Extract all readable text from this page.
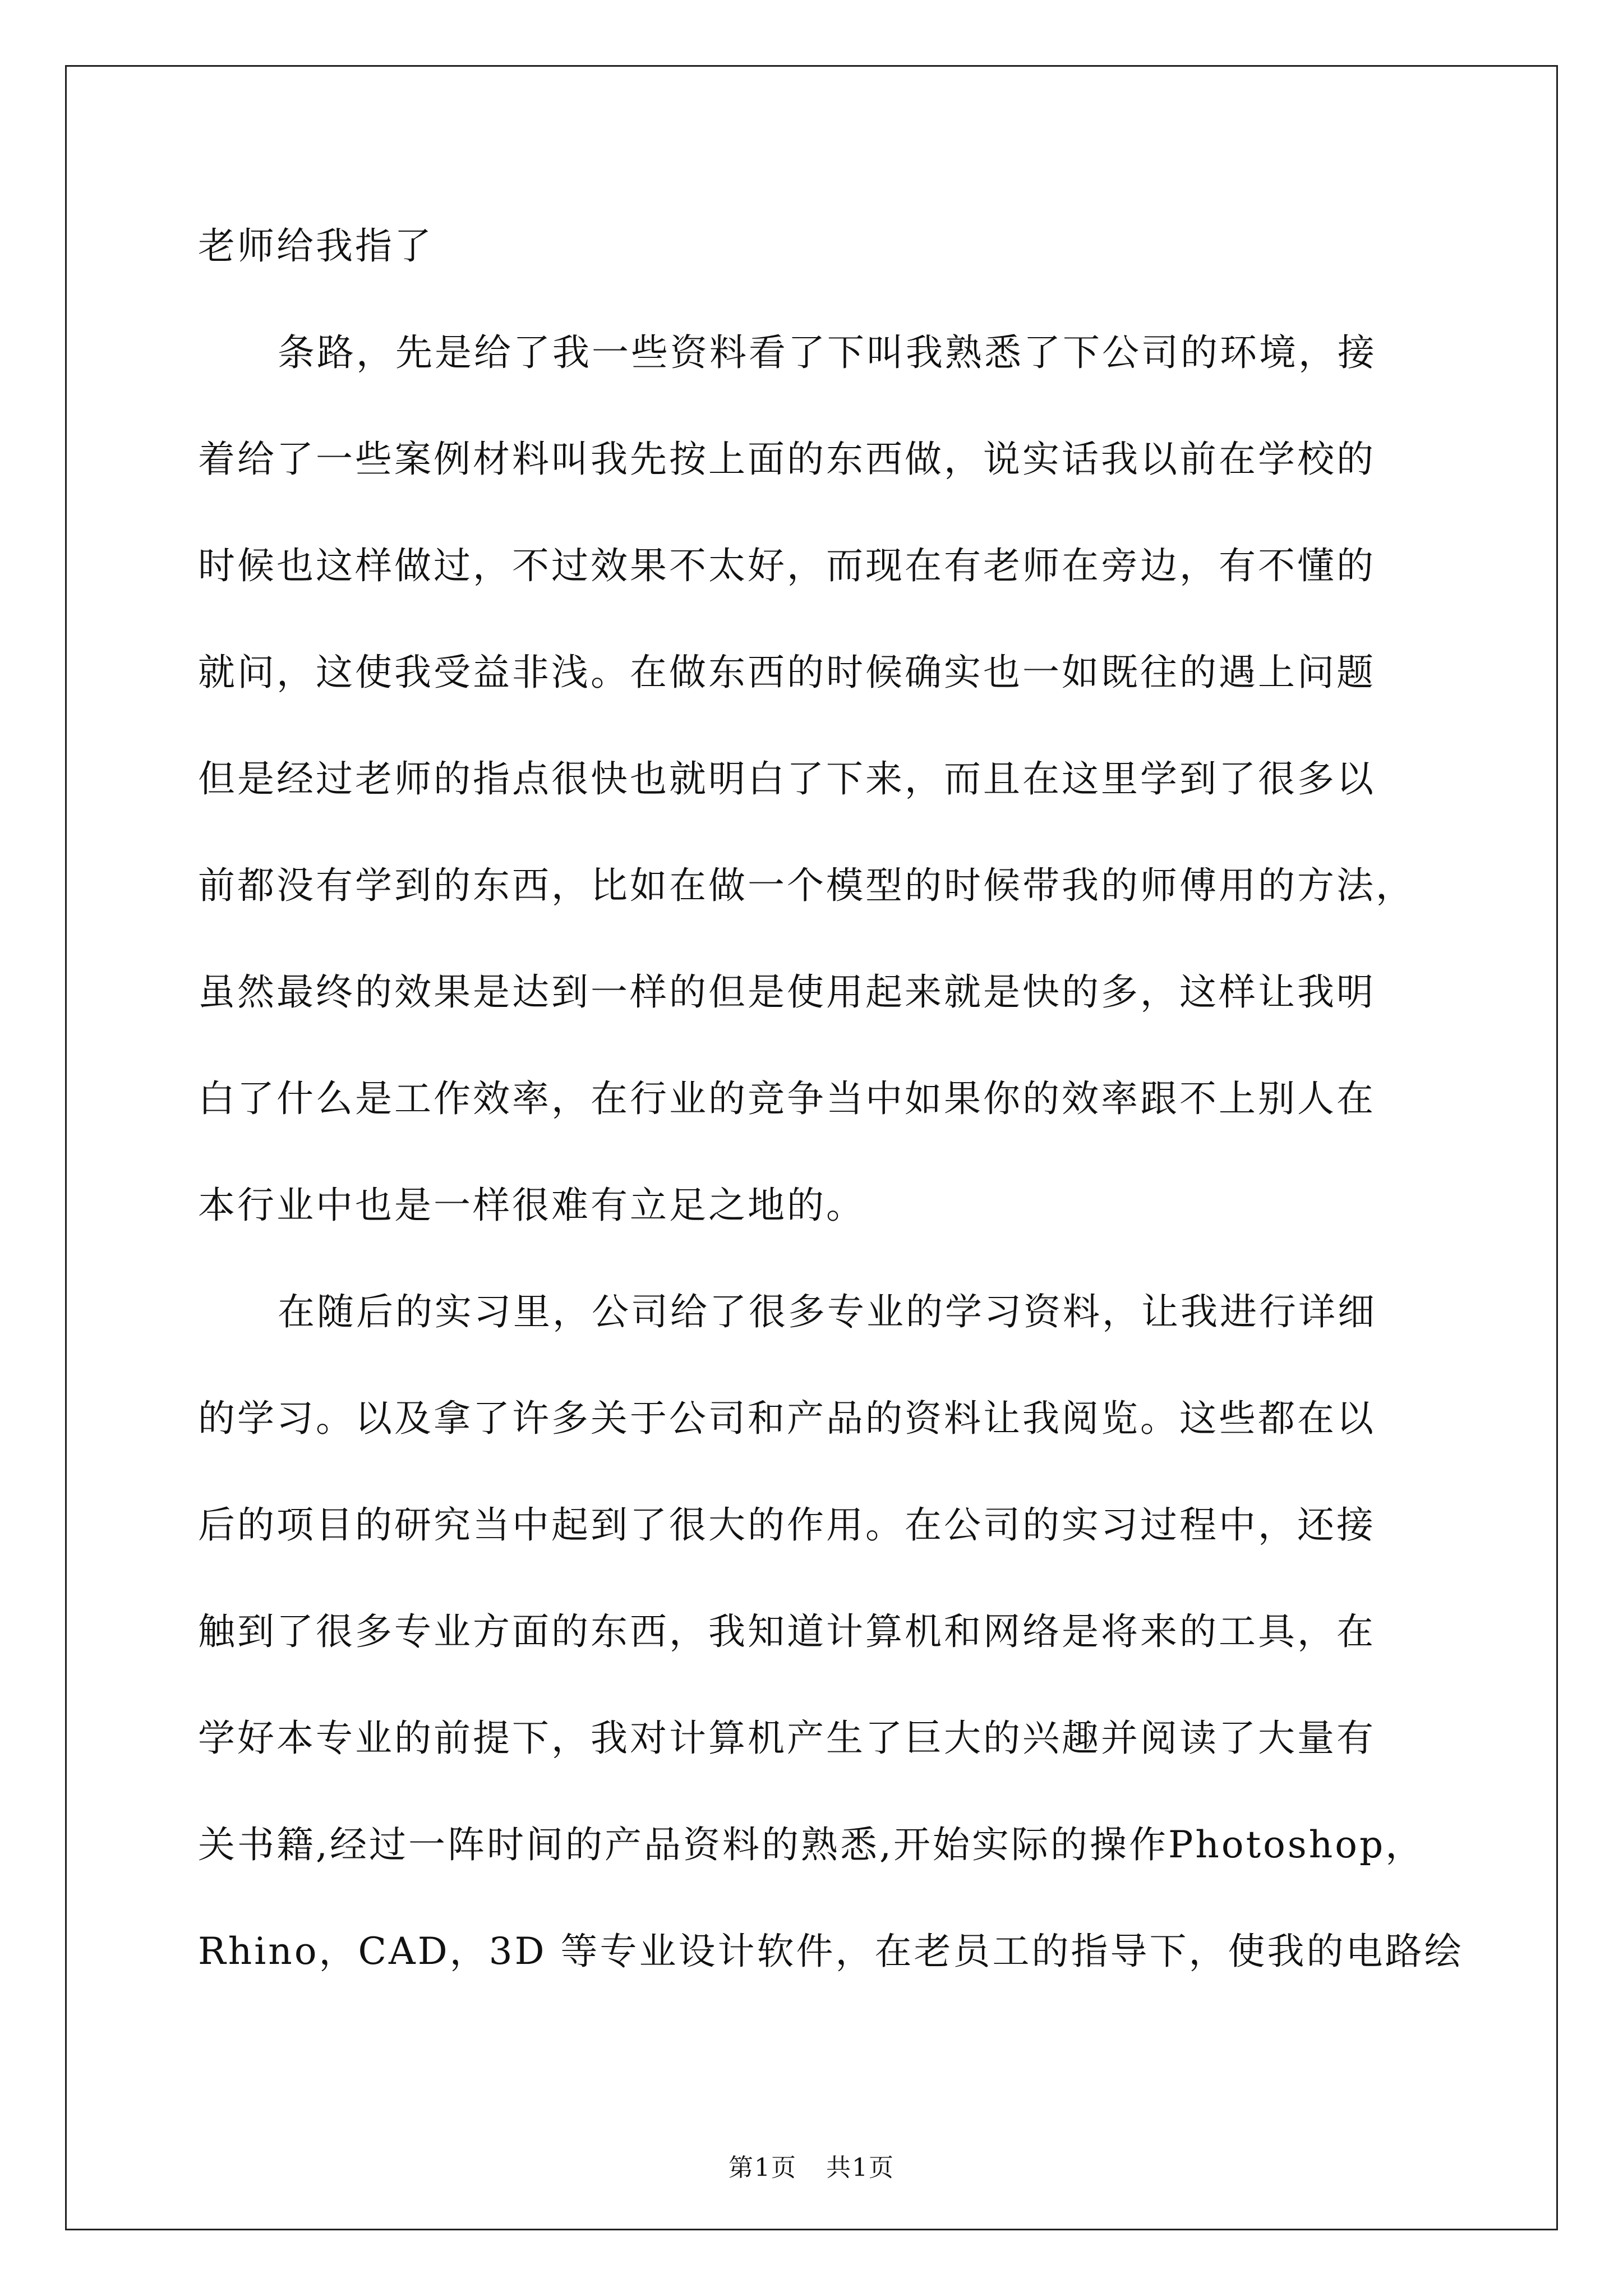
老师给我指了
条路，先是给了我一些资料看了下叫我熟悉了下公司的环境，接
着给了一些案例材料叫我先按上面的东西做，说实话我以前在学校的
时候也这样做过，不过效果不太好，而现在有老师在旁边，有不懂的
就问，这使我受益非浅。在做东西的时候确实也一如既往的遇上问题
但是经过老师的指点很快也就明白了下来，而且在这里学到了很多以
前都没有学到的东西，比如在做一个模型的时候带我的师傅用的方法，
虽然最终的效果是达到一样的但是使用起来就是快的多，这样让我明
白了什么是工作效率，在行业的竞争当中如果你的效率跟不上别人在
本行业中也是一样很难有立足之地的。
在随后的实习里，公司给了很多专业的学习资料，让我进行详细
的学习。以及拿了许多关于公司和产品的资料让我阅览。这些都在以
后的项目的研究当中起到了很大的作用。在公司的实习过程中，还接
触到了很多专业方面的东西，我知道计算机和网络是将来的工具，在
学好本专业的前提下，我对计算机产生了巨大的兴趣并阅读了大量有
关书籍,经过一阵时间的产品资料的熟悉,开始实际的操作Photoshop，
Rhino，CAD，3D 等专业设计软件，在老员工的指导下，使我的电路绘
第1页 共1页
